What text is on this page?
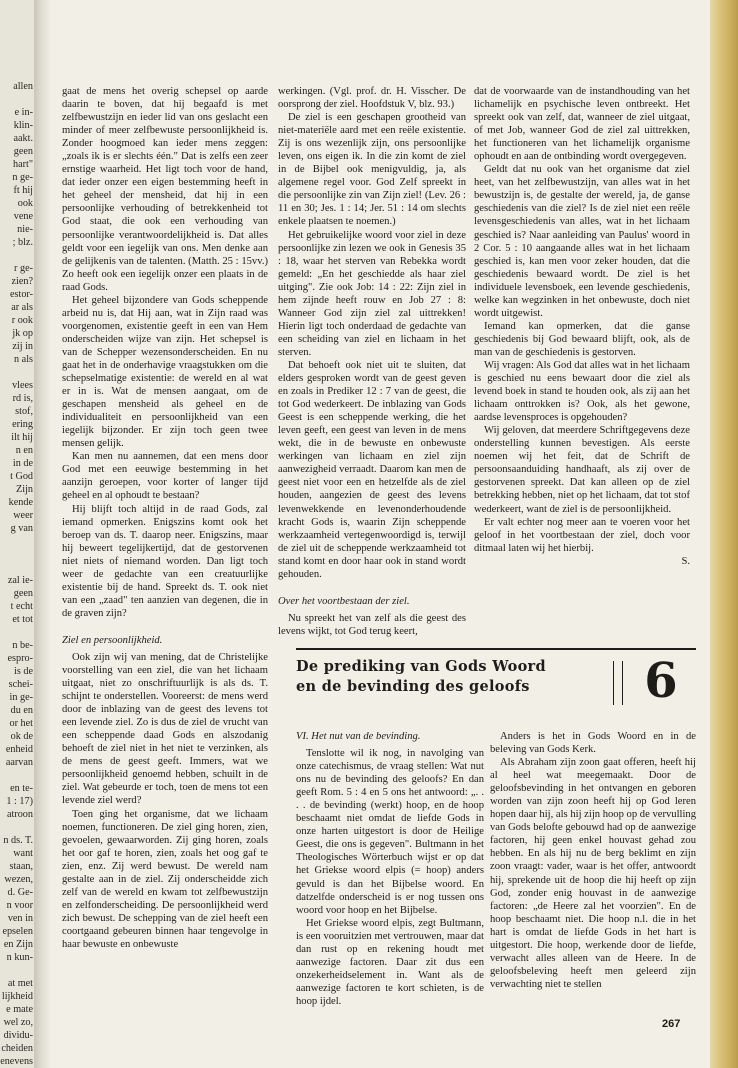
allen
e in-
klin-
aakt.
geen
hart"
n ge-
ft hij
ook
vene
nie-
; blz.
r ge-
zien?
estor-
ar als
r ook
jk op
zij in
n als
vlees
rd is,
stof,
ering
ilt hij
n en
in de
t God
Zijn
kende
weer
g van
zal ie-
geen
t echt
et tot
n be-
espro-
is de
schei-
in ge-
du en
or het
ok de
enheid
aarvan
en te-
1 : 17)
atroon
n ds. T.
want
staan,
wezen,
d. Ge-
n voor
ven in
epselen
en Zijn
n kun-
at met
lijkheid
e mate
wel zo,
dividu-
cheiden
enevens

gaat de mens het overig schepsel op aarde daarin te boven, dat hij begaafd is met zelfbewustzijn en ieder lid van ons geslacht een minder of meer zelfbewuste persoonlijkheid is. Zonder hoogmoed kan ieder mens zeggen: „zoals ik is er slechts één." Dat is zelfs een zeer ernstige waarheid. Het ligt toch voor de hand, dat ieder onzer een eigen bestemming heeft in het geheel der mensheid, dat hij in een persoonlijke verhouding of betrekkenheid tot God staat, die ook een verhouding van persoonlijke verantwoordelijkheid is. Dat alles geldt voor een iegelijk van ons. Men denke aan de gelijkenis van de talenten. (Matth. 25 : 15vv.) Zo heeft ook een iegelijk onzer een plaats in de raad Gods.

Het geheel bijzondere van Gods scheppende arbeid nu is, dat Hij aan, wat in Zijn raad was voorgenomen, existentie geeft in een van Hem onderscheiden wijze van zijn. Het schepsel is van de Schepper wezensonderscheiden. En nu gaat het in de onderhavige vraagstukken om die schepselmatige existentie: de wereld en al wat er in is. Wat de mensen aangaat, om de geschapen mensheid als geheel en de individualiteit en persoonlijkheid van een iegelijk bijzonder. Er zijn toch geen twee mensen gelijk.

Kan men nu aannemen, dat een mens door God met een eeuwige bestemming in het aanzijn geroepen, voor korter of langer tijd geheel en al ophoudt te bestaan?

Hij blijft toch altijd in de raad Gods, zal iemand opmerken. Enigszins komt ook het beroep van ds. T. daarop neer. Enigszins, maar hij beweert tegelijkertijd, dat de gestorvenen niet niets of niemand worden. Dan ligt toch weer de gedachte van een creatuurlijke existentie bij de hand. Spreekt ds. T. ook niet van een „zaad" ten aanzien van degenen, die in de graven zijn?

Ziel en persoonlijkheid.

Ook zijn wij van mening, dat de Christelijke voorstelling van een ziel, die van het lichaam uitgaat, niet zo onschriftuurlijk is als ds. T. schijnt te onderstellen. Vooreerst: de mens werd door de inblazing van de geest des levens tot een levende ziel. Zo is dus de ziel de vrucht van een scheppende daad Gods en alszodanig behoeft de ziel niet in het niet te verzinken, als de mens de geest geeft. Immers, wat we persoonlijkheid genoemd hebben, schuilt in de ziel. Wat gebeurde er toch, toen de mens tot een levende ziel werd?

Toen ging het organisme, dat we lichaam noemen, functioneren. De ziel ging horen, zien, gevoelen, gewaarworden. Zij ging horen, zoals het oor gaf te horen, zien, zoals het oog gaf te zien, enz. Zij werd bewust. De wereld nam gestalte aan in de ziel. Zij onderscheidde zich zelf van de wereld en kwam tot zelfbewustzijn en zelfonderscheiding. De persoonlijkheid werd zich bewust. De schepping van de ziel heeft een coortgaand gebeuren binnen haar tengevolge in haar bewuste en onbewuste

werkingen. (Vgl. prof. dr. H. Visscher. De oorsprong der ziel. Hoofdstuk V, blz. 93.)

De ziel is een geschapen grootheid van niet-materiële aard met een reële existentie. Zij is ons wezenlijk zijn, ons persoonlijke leven, ons eigen ik. In die zin komt de ziel in de Bijbel ook menigvuldig, ja, als algemene regel voor. God Zelf spreekt in die persoonlijke zin van Zijn ziel! (Lev. 26 : 11 en 30; Jes. 1 : 14; Jer. 51 : 14 om slechts enkele plaatsen te noemen.)

Het gebruikelijke woord voor ziel in deze persoonlijke zin lezen we ook in Genesis 35 : 18, waar het sterven van Rebekka wordt gemeld: „En het geschiedde als haar ziel uitging". Zie ook Job: 14 : 22: Zijn ziel in hem zijnde heeft rouw en Job 27 : 8: Wanneer God zijn ziel zal uittrekken! Hierin ligt toch onderdaad de gedachte van een scheiding van ziel en lichaam in het sterven.

Dat behoeft ook niet uit te sluiten, dat elders gesproken wordt van de geest geven en zoals in Prediker 12 : 7 van de geest, die tot God wederkeert. De inblazing van Gods Geest is een scheppende werking, die het leven geeft, een geest van leven in de mens wekt, die in de bewuste en onbewuste werkingen van lichaam en ziel zijn aanwezigheid verraadt. Daarom kan men de geest niet voor een en hetzelfde als de ziel houden, aangezien de geest des levens levenwekkende en levenonderhoudende kracht Gods is, waarin Zijn scheppende werkzaamheid vertegenwoordigd is, terwijl de ziel uit de scheppende werkzaamheid tot stand komt en door haar ook in stand wordt gehouden.

Over het voortbestaan der ziel.

Nu spreekt het van zelf als die geest des levens wijkt, tot God terug keert,

dat de voorwaarde van de instandhouding van het lichamelijk en psychische leven ontbreekt. Het spreekt ook van zelf, dat, wanneer de ziel uitgaat, of met Job, wanneer God de ziel zal uittrekken, het functioneren van het lichamelijk organisme ophoudt en aan de ontbinding wordt overgegeven.

Geldt dat nu ook van het organisme dat ziel heet, van het zelfbewustzijn, van alles wat in het bewustzijn is, de gestalte der wereld, ja, de ganse geschiedenis van die ziel? Is de ziel niet een reële levensgeschiedenis van alles, wat in het lichaam geschied is? Naar aanleiding van Paulus' woord in 2 Cor. 5 : 10 aangaande alles wat in het lichaam geschied is, kan men voor zeker houden, dat die geschiedenis bewaard wordt. De ziel is het individuele levensboek, een levende geschiedenis, welke kan wegzinken in het onbewuste, doch niet wordt uitgewist.

Iemand kan opmerken, dat die ganse geschiedenis bij God bewaard blijft, ook, als de man van de geschiedenis is gestorven.

Wij vragen: Als God dat alles wat in het lichaam is geschied nu eens bewaart door die ziel als levend boek in stand te houden ook, als zij aan het lichaam onttrokken is? Ook, als het gewone, aardse levensproces is opgehouden?

Wij geloven, dat meerdere Schriftgegevens deze onderstelling kunnen bevestigen. Als eerste noemen wij het feit, dat de Schrift de persoonsaanduiding handhaaft, als zij over de gestorvenen spreekt. Dat kan alleen op de ziel betrekking hebben, niet op het lichaam, dat tot stof wederkeert, want de ziel is de persoonlijkheid.

Er valt echter nog meer aan te voeren voor het geloof in het voortbestaan der ziel, doch voor ditmaal laten wij het hierbij.

S.
De prediking van Gods Woord
en de bevinding des geloofs	6
VI. Het nut van de bevinding.

Tenslotte wil ik nog, in navolging van onze catechismus, de vraag stellen: Wat nut ons nu de bevinding des geloofs? En dan geeft Rom. 5 : 4 en 5 ons het antwoord: „. . . . de bevinding (werkt) hoop, en de hoop beschaamt niet omdat de liefde Gods in onze harten uitgestort is door de Heilige Geest, die ons is gegeven". Bultmann in het Theologisches Wörterbuch wijst er op dat het Griekse woord elpis (= hoop) anders gevuld is dan het Bijbelse woord. En datzelfde onderscheid is er nog tussen ons woord voor hoop en het Bijbelse.

Het Griekse woord elpis, zegt Bultmann, is een vooruitzien met vertrouwen, maar dat dan rust op en rekening houdt met aanwezige factoren. Daar zit dus een onzekerheidselement in. Want als de aanwezige factoren te kort schieten, is de hoop ijdel.

Anders is het in Gods Woord en in de beleving van Gods Kerk.

Als Abraham zijn zoon gaat offeren, heeft hij al heel wat meegemaakt. Door de geloofsbevinding in het ontvangen en geboren worden van zijn zoon heeft hij op God leren hopen daar hij, als hij zijn hoop op de vervulling van Gods belofte gebouwd had op de aanwezige factoren, hij geen enkel houvast gehad zou hebben. En als hij nu de berg beklimt en zijn zoon vraagt: vader, waar is het offer, antwoordt hij, sprekende uit de hoop die hij heeft op zijn God, zonder enig houvast in de aanwezige factoren: „de Heere zal het voorzien". En de hoop beschaamt niet. Die hoop n.l. die in het hart is omdat de liefde Gods in het hart is uitgestort. Die hoop, werkende door de liefde, verwacht alles alleen van de Heere. In de geloofsbeleving heeft men geleerd zijn verwachting niet te stellen

267
